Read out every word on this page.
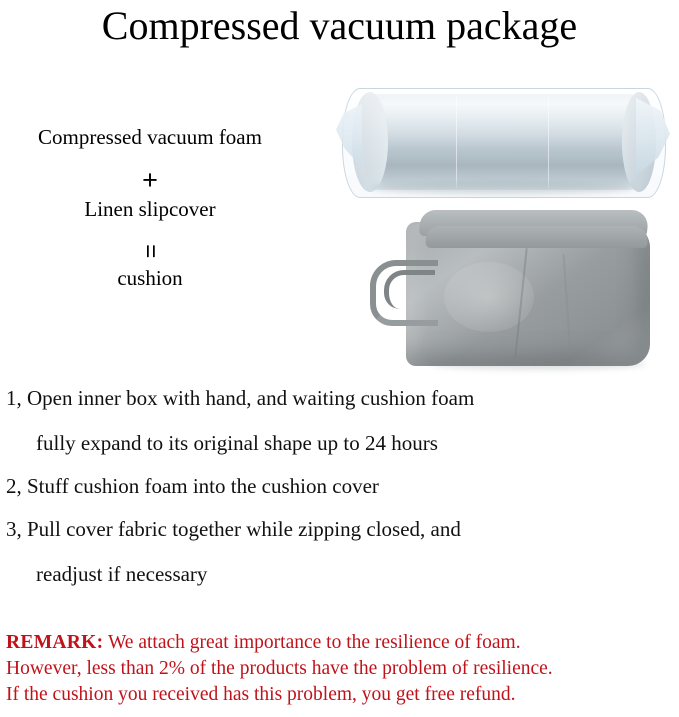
Compressed vacuum package
Compressed vacuum foam
+
Linen slipcover
=
cushion
1, Open inner box with hand, and waiting cushion foam
fully expand to its original shape up to 24 hours
2, Stuff cushion foam into the cushion cover
3, Pull cover fabric together while zipping closed, and
readjust if necessary
REMARK: We attach great importance to the resilience of foam.
However, less than 2% of the products have the problem of resilience.
If the cushion you received has this problem, you get free refund.
